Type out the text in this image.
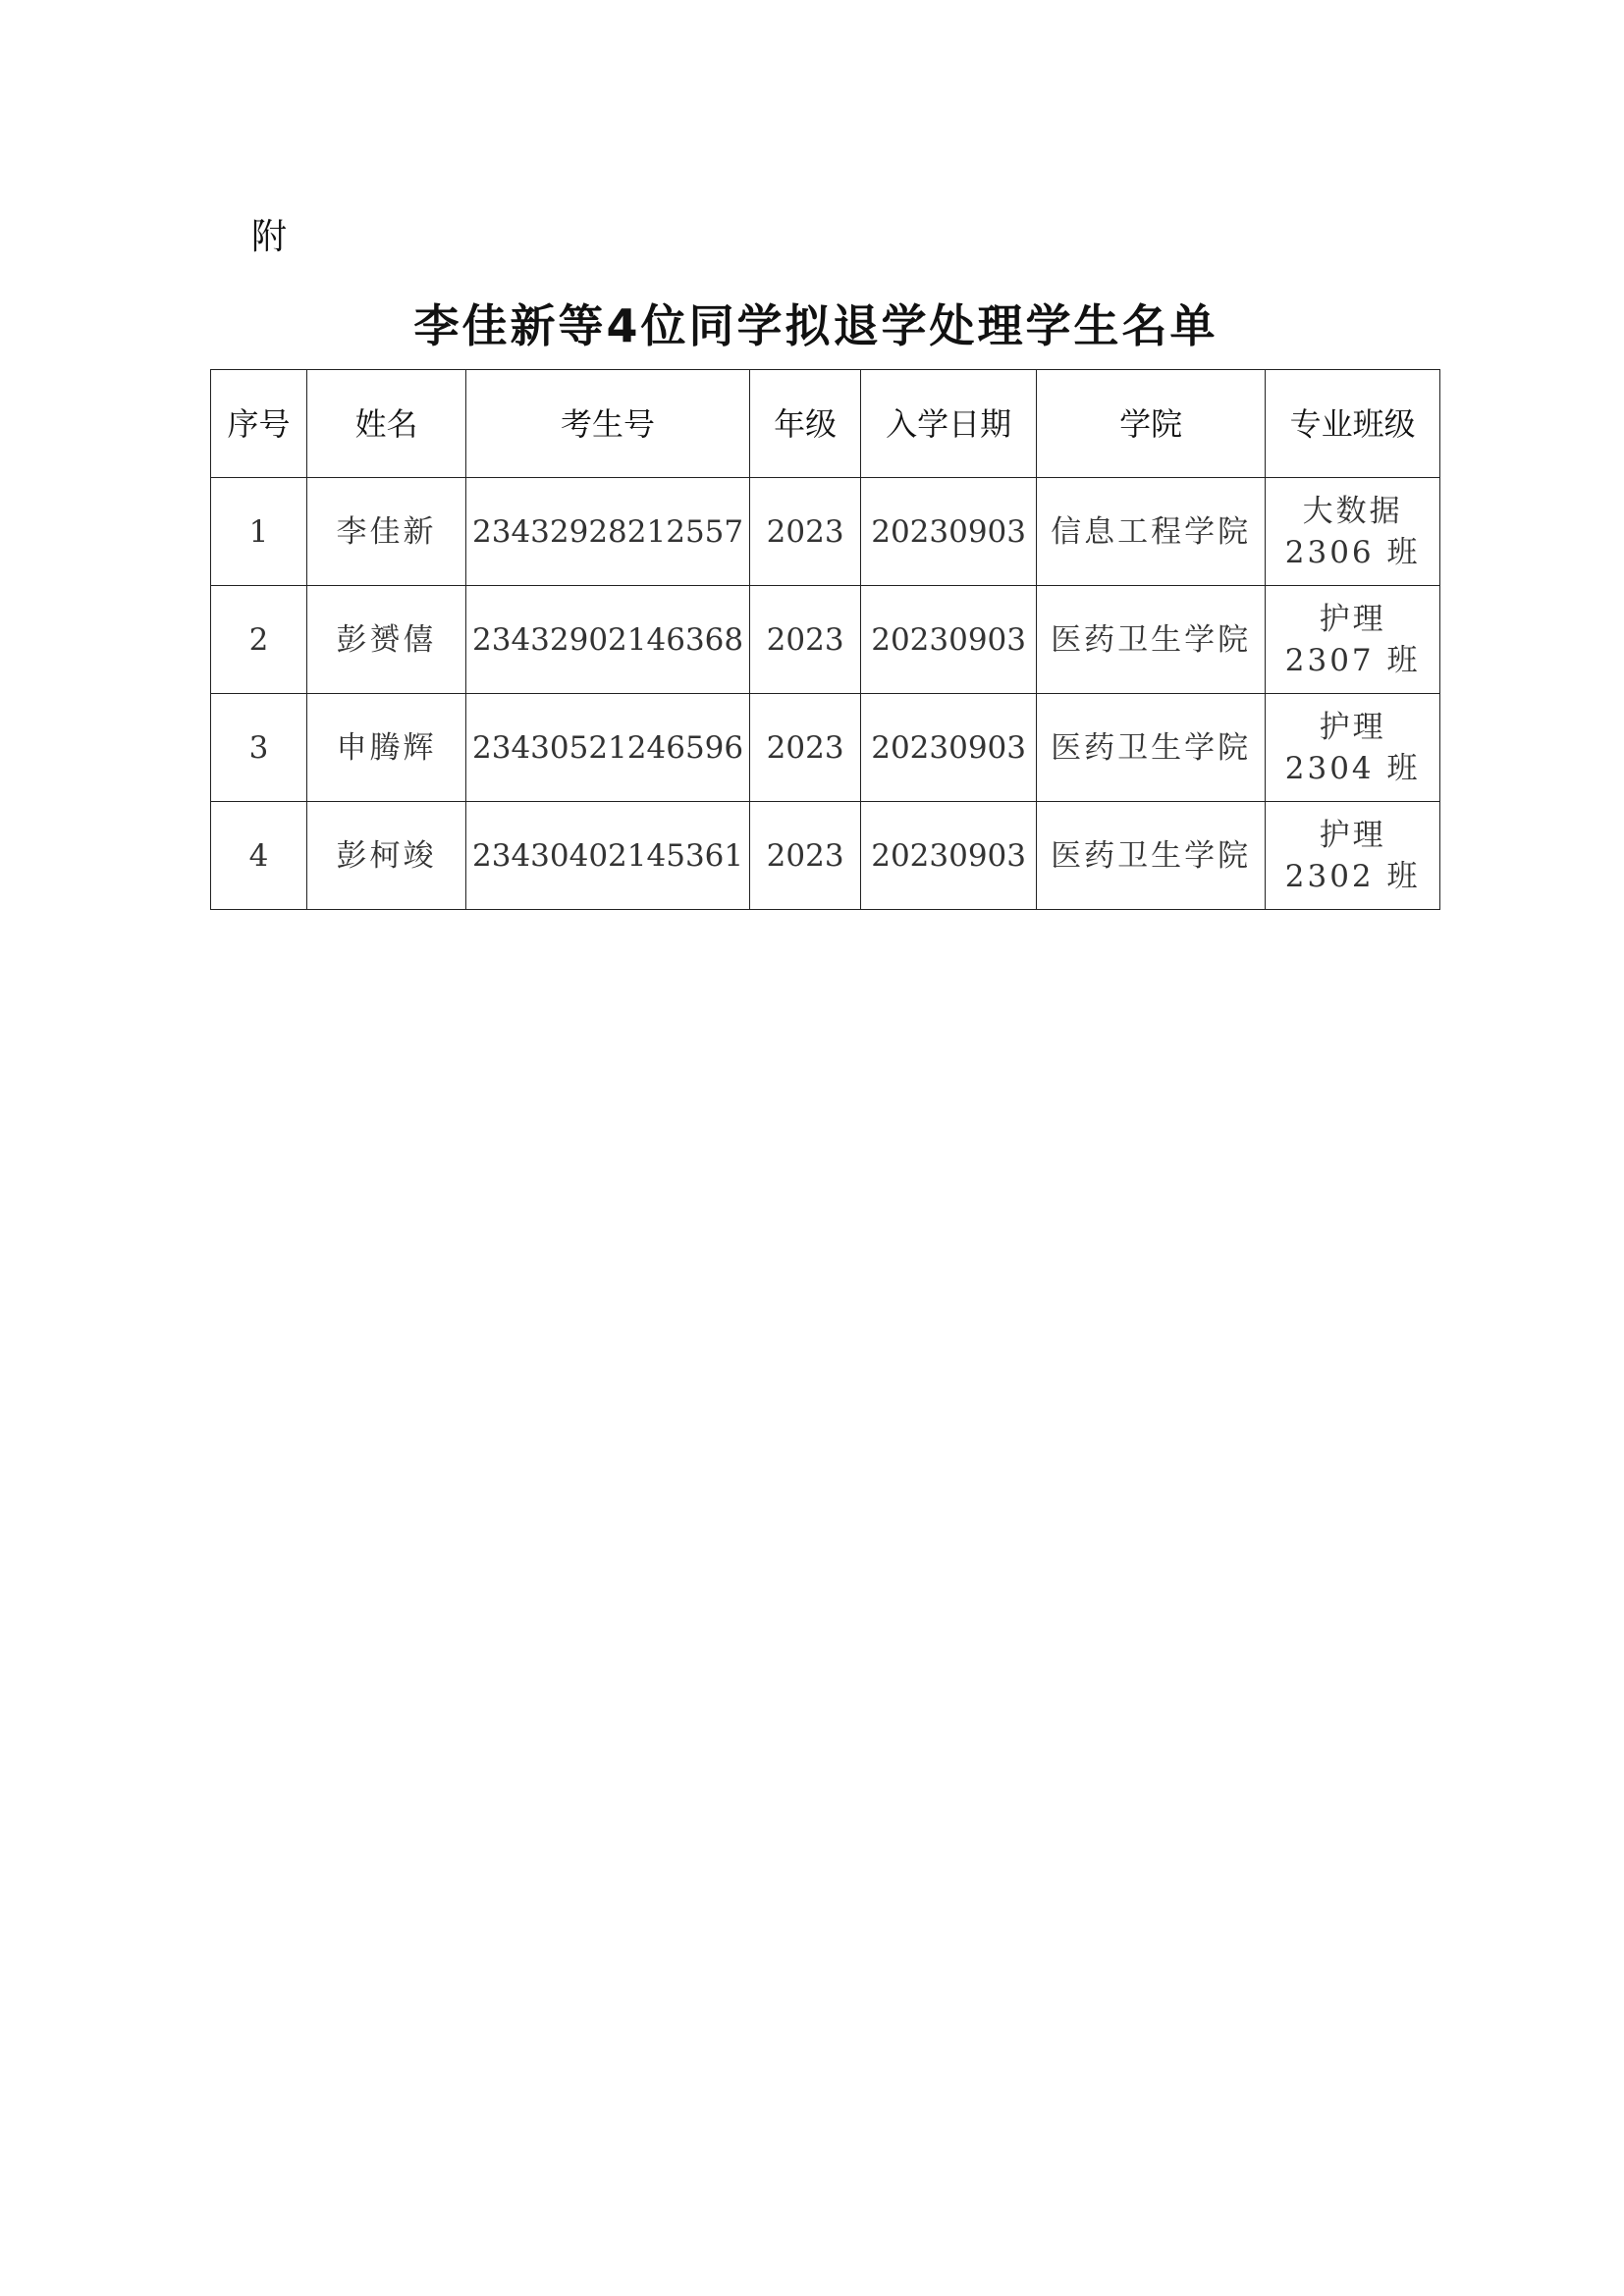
附
李佳新等4位同学拟退学处理学生名单
序号	姓名	考生号	年级	入学日期	学院	专业班级
1	李佳新	23432928212557	2023	20230903	信息工程学院	大数据 2306 班
2	彭赟僖	23432902146368	2023	20230903	医药卫生学院	护理 2307 班
3	申腾辉	23430521246596	2023	20230903	医药卫生学院	护理 2304 班
4	彭柯竣	23430402145361	2023	20230903	医药卫生学院	护理 2302 班
